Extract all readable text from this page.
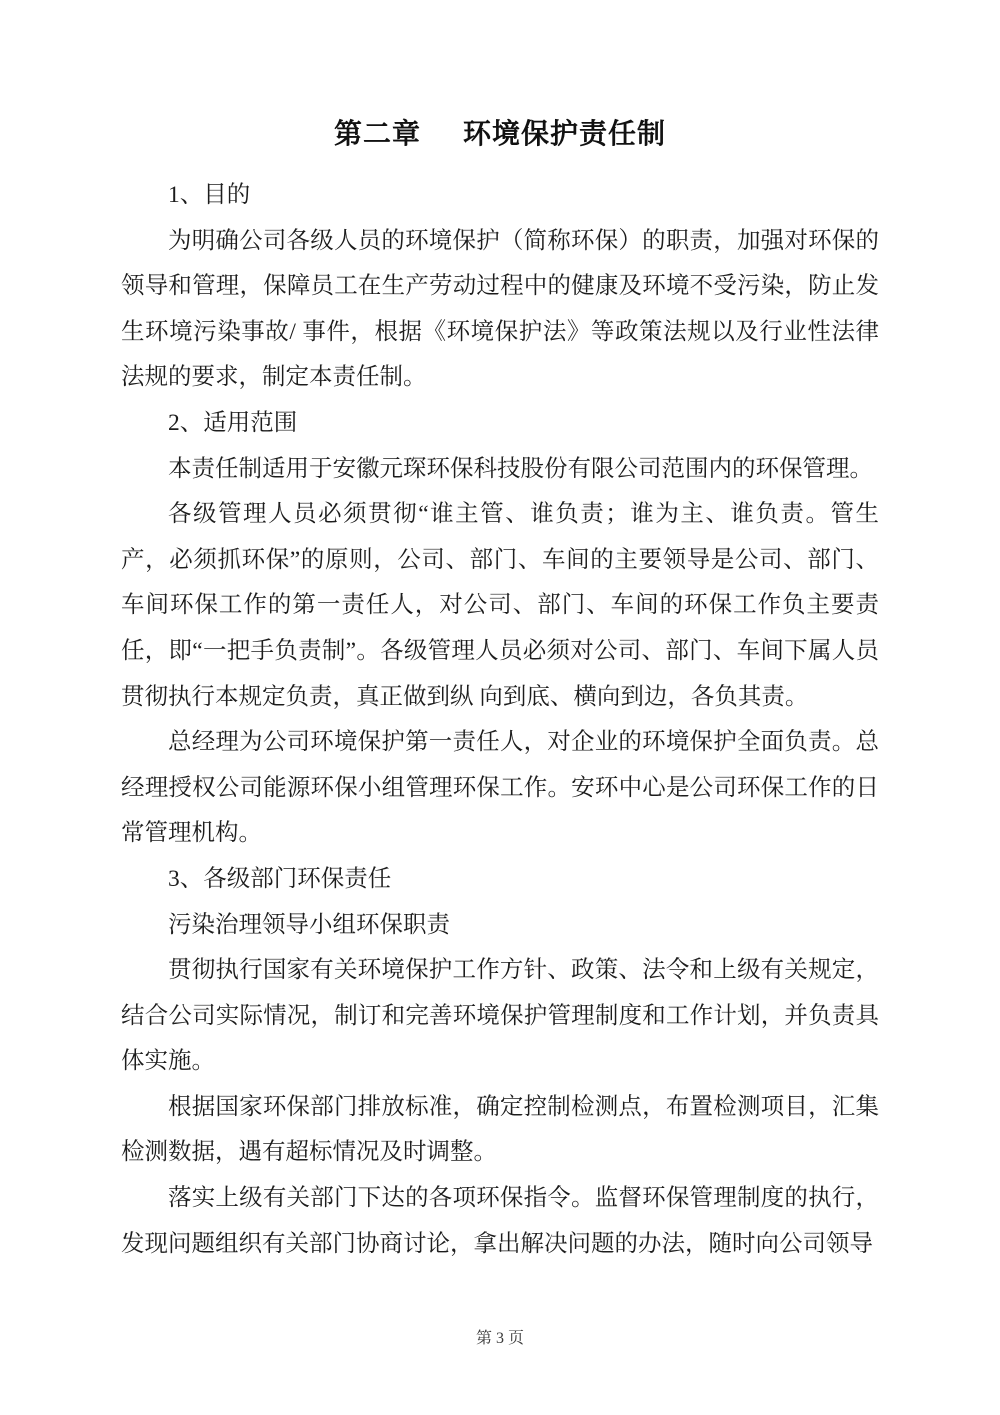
第二章 环境保护责任制

1、目的

为明确公司各级人员的环境保护（简称环保）的职责，加强对环保的领导和管理，保障员工在生产劳动过程中的健康及环境不受污染，防止发生环境污染事故/ 事件，根据《环境保护法》等政策法规以及行业性法律法规的要求，制定本责任制。

2、适用范围

本责任制适用于安徽元琛环保科技股份有限公司范围内的环保管理。

各级管理人员必须贯彻“谁主管、谁负责；谁为主、谁负责。管生产，必须抓环保”的原则，公司、部门、车间的主要领导是公司、部门、车间环保工作的第一责任人，对公司、部门、车间的环保工作负主要责任，即“一把手负责制”。各级管理人员必须对公司、部门、车间下属人员贯彻执行本规定负责，真正做到纵 向到底、横向到边，各负其责。

总经理为公司环境保护第一责任人，对企业的环境保护全面负责。总经理授权公司能源环保小组管理环保工作。安环中心是公司环保工作的日常管理机构。

3、各级部门环保责任

污染治理领导小组环保职责

贯彻执行国家有关环境保护工作方针、政策、法令和上级有关规定，结合公司实际情况，制订和完善环境保护管理制度和工作计划，并负责具体实施。

根据国家环保部门排放标准，确定控制检测点，布置检测项目，汇集检测数据，遇有超标情况及时调整。

落实上级有关部门下达的各项环保指令。监督环保管理制度的执行，发现问题组织有关部门协商讨论，拿出解决问题的办法，随时向公司领导

第 3 页
